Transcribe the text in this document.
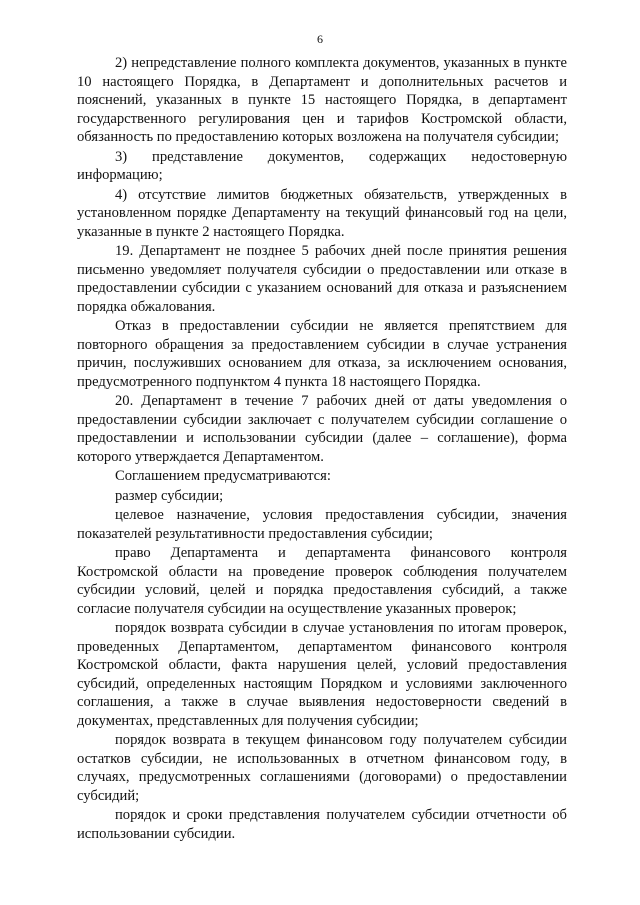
6

2) непредставление полного комплекта документов, указанных в пункте 10 настоящего Порядка, в Департамент и дополнительных расчетов и пояснений, указанных в пункте 15 настоящего Порядка, в департамент государственного регулирования цен и тарифов Костромской области, обязанность по предоставлению которых возложена на получателя субсидии;

3) представление документов, содержащих недостоверную информацию;

4) отсутствие лимитов бюджетных обязательств, утвержденных в установленном порядке Департаменту на текущий финансовый год на цели, указанные в пункте 2 настоящего Порядка.

19. Департамент не позднее 5 рабочих дней после принятия решения письменно уведомляет получателя субсидии о предоставлении или отказе в предоставлении субсидии с указанием оснований для отказа и разъяснением порядка обжалования.

Отказ в предоставлении субсидии не является препятствием для повторного обращения за предоставлением субсидии в случае устранения причин, послуживших основанием для отказа, за исключением основания, предусмотренного подпунктом 4 пункта 18 настоящего Порядка.

20. Департамент в течение 7 рабочих дней от даты уведомления о предоставлении субсидии заключает с получателем субсидии соглашение о предоставлении и использовании субсидии (далее – соглашение), форма которого утверждается Департаментом.

Соглашением предусматриваются:

размер субсидии;

целевое назначение, условия предоставления субсидии, значения показателей результативности предоставления субсидии;

право Департамента и департамента финансового контроля Костромской области на проведение проверок соблюдения получателем субсидии условий, целей и порядка предоставления субсидий, а также согласие получателя субсидии на осуществление указанных проверок;

порядок возврата субсидии в случае установления по итогам проверок, проведенных Департаментом, департаментом финансового контроля Костромской области, факта нарушения целей, условий предоставления субсидий, определенных настоящим Порядком и условиями заключенного соглашения, а также в случае выявления недостоверности сведений в документах, представленных для получения субсидии;

порядок возврата в текущем финансовом году получателем субсидии остатков субсидии, не использованных в отчетном финансовом году, в случаях, предусмотренных соглашениями (договорами) о предоставлении субсидий;

порядок и сроки представления получателем субсидии отчетности об использовании субсидии.
